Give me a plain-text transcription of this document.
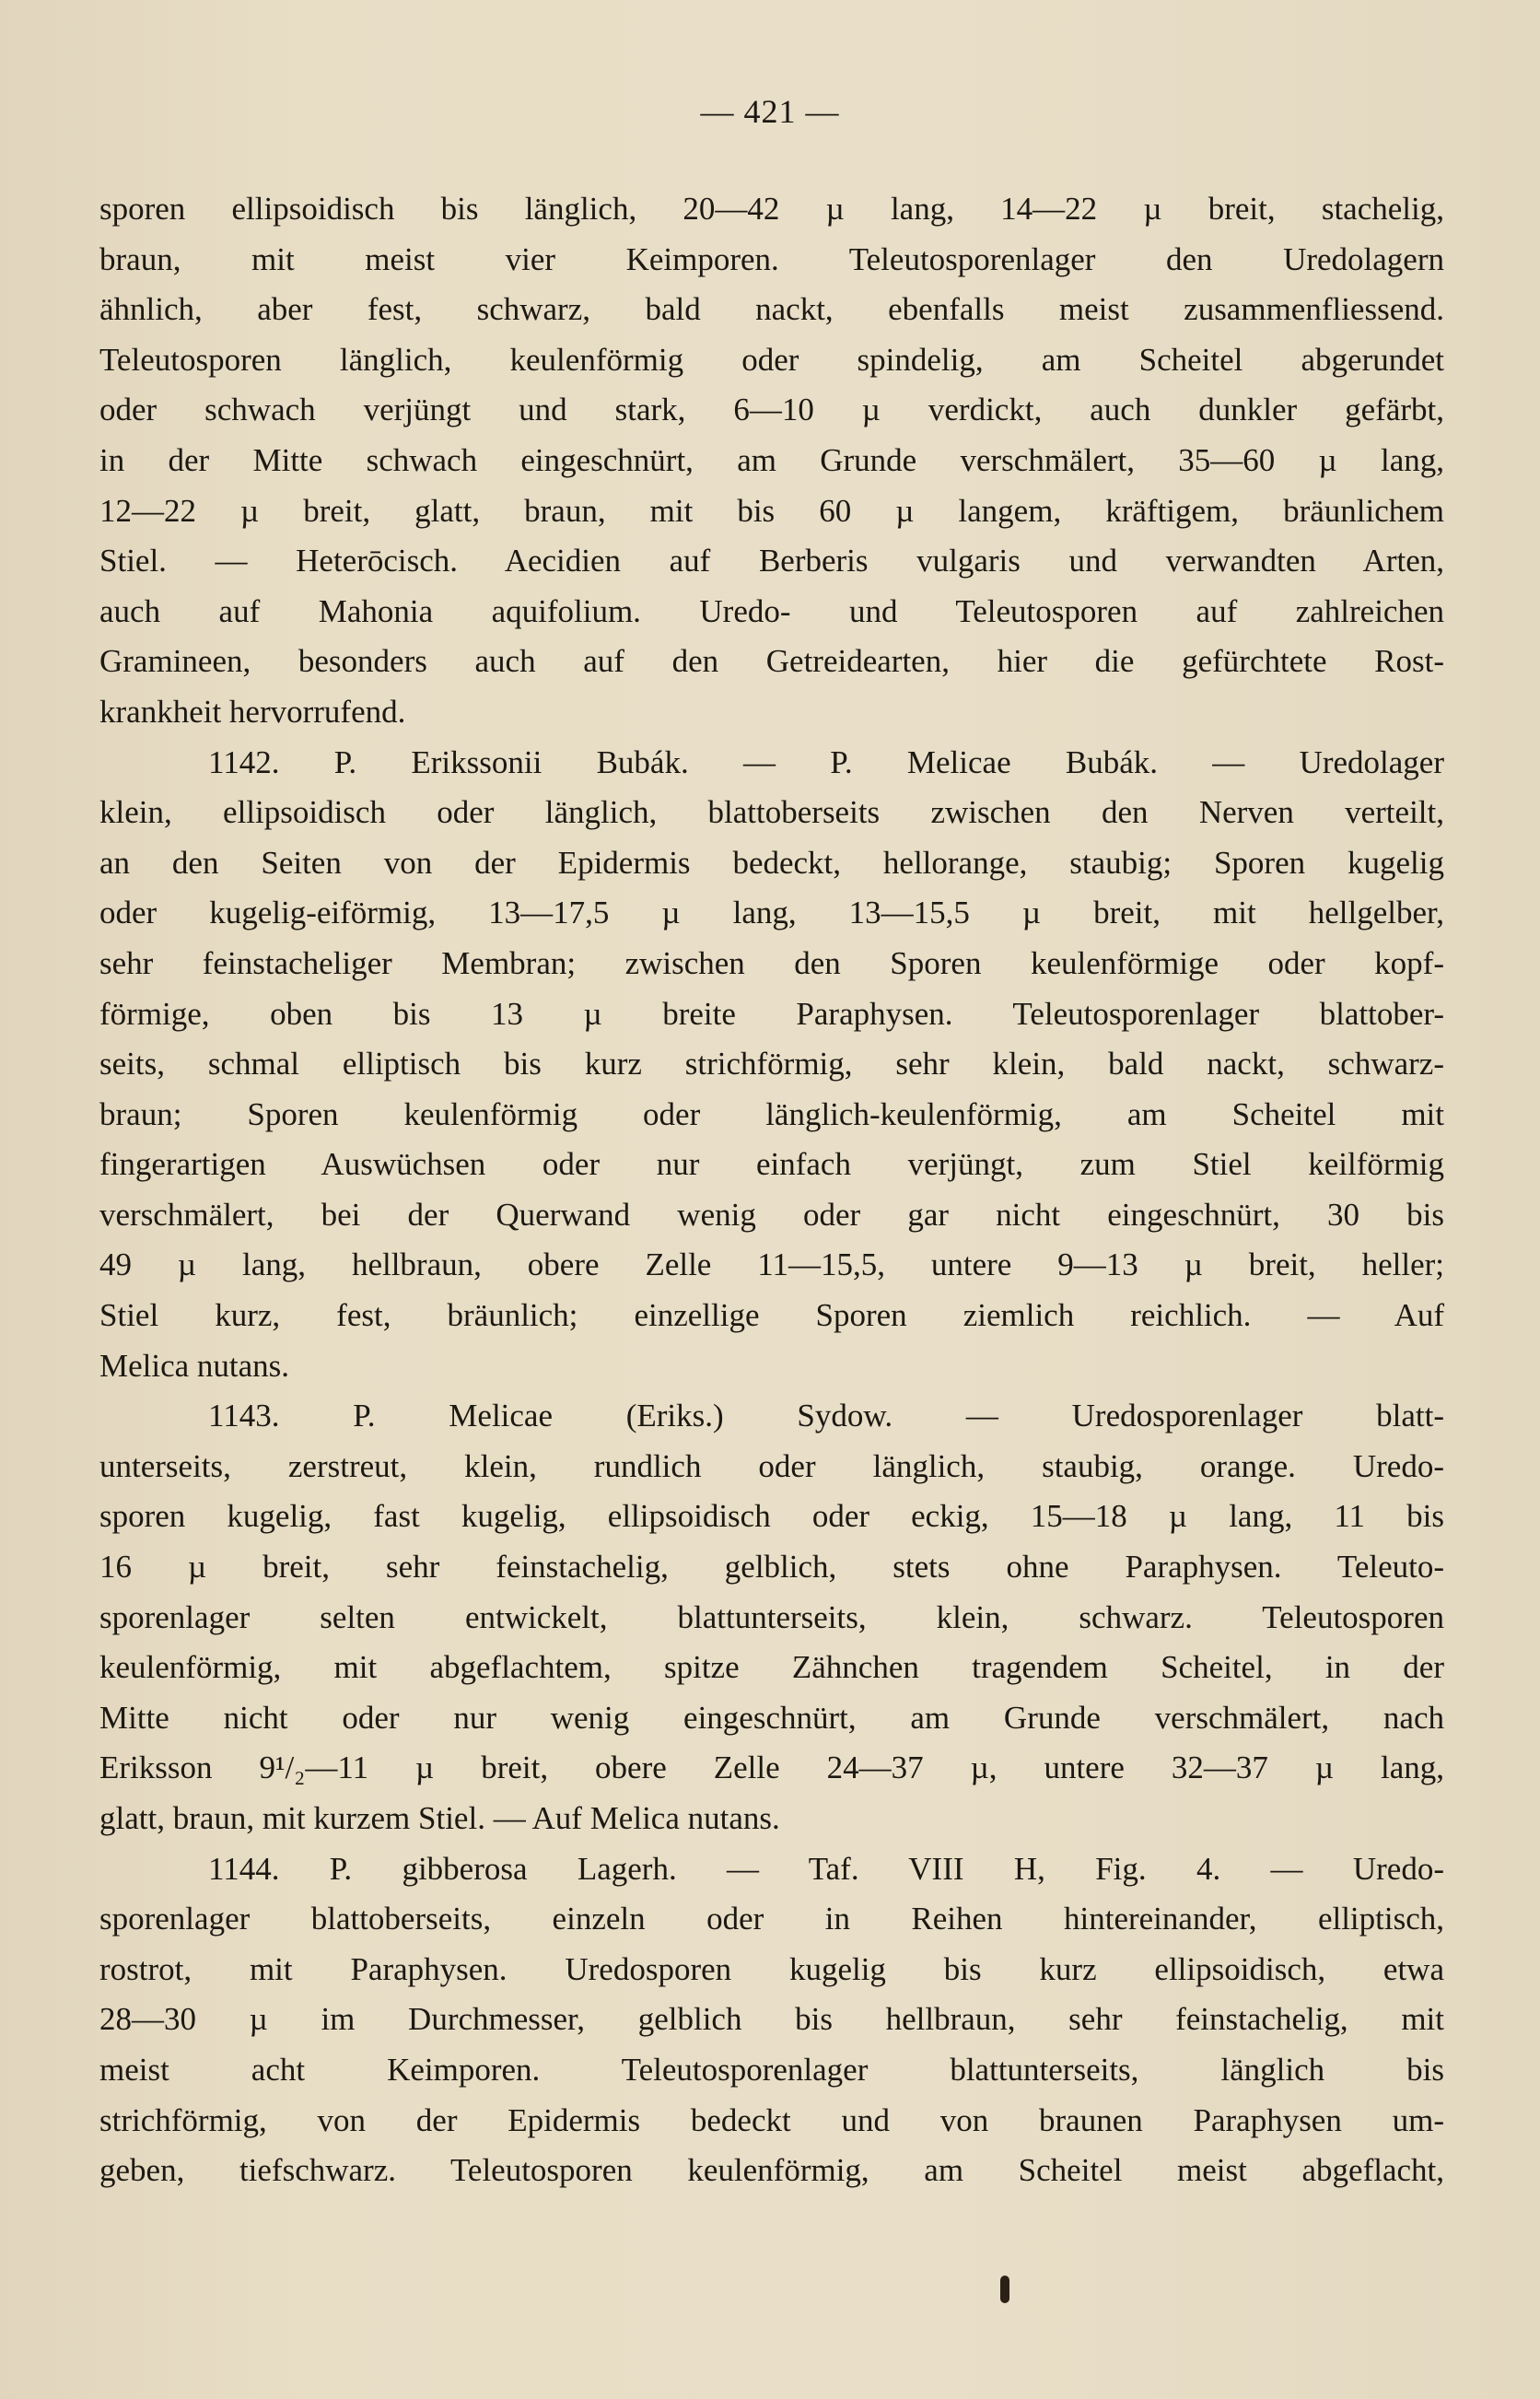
— 421 —
sporen ellipsoidisch bis länglich, 20—42 µ lang, 14—22 µ breit, stachelig,
braun, mit meist vier Keimporen. Teleutosporenlager den Uredolagern
ähnlich, aber fest, schwarz, bald nackt, ebenfalls meist zusammenfliessend.
Teleutosporen länglich, keulenförmig oder spindelig, am Scheitel abgerundet
oder schwach verjüngt und stark, 6—10 µ verdickt, auch dunkler gefärbt,
in der Mitte schwach eingeschnürt, am Grunde verschmälert, 35—60 µ lang,
12—22 µ breit, glatt, braun, mit bis 60 µ langem, kräftigem, bräunlichem
Stiel. — Heterōcisch. Aecidien auf Berberis vulgaris und verwandten Arten,
auch auf Mahonia aquifolium. Uredo- und Teleutosporen auf zahlreichen
Gramineen, besonders auch auf den Getreidearten, hier die gefürchtete Rost-
krankheit hervorrufend.
1142. P. Erikssonii Bubák. — P. Melicae Bubák. — Uredolager
klein, ellipsoidisch oder länglich, blattoberseits zwischen den Nerven verteilt,
an den Seiten von der Epidermis bedeckt, hellorange, staubig; Sporen kugelig
oder kugelig-eiförmig, 13—17,5 µ lang, 13—15,5 µ breit, mit hellgelber,
sehr feinstacheliger Membran; zwischen den Sporen keulenförmige oder kopf-
förmige, oben bis 13 µ breite Paraphysen. Teleutosporenlager blattober-
seits, schmal elliptisch bis kurz strichförmig, sehr klein, bald nackt, schwarz-
braun; Sporen keulenförmig oder länglich-keulenförmig, am Scheitel mit
fingerartigen Auswüchsen oder nur einfach verjüngt, zum Stiel keilförmig
verschmälert, bei der Querwand wenig oder gar nicht eingeschnürt, 30 bis
49 µ lang, hellbraun, obere Zelle 11—15,5, untere 9—13 µ breit, heller;
Stiel kurz, fest, bräunlich; einzellige Sporen ziemlich reichlich. — Auf
Melica nutans.
1143. P. Melicae (Eriks.) Sydow. — Uredosporenlager blatt-
unterseits, zerstreut, klein, rundlich oder länglich, staubig, orange. Uredo-
sporen kugelig, fast kugelig, ellipsoidisch oder eckig, 15—18 µ lang, 11 bis
16 µ breit, sehr feinstachelig, gelblich, stets ohne Paraphysen. Teleuto-
sporenlager selten entwickelt, blattunterseits, klein, schwarz. Teleutosporen
keulenförmig, mit abgeflachtem, spitze Zähnchen tragendem Scheitel, in der
Mitte nicht oder nur wenig eingeschnürt, am Grunde verschmälert, nach
Eriksson 9¹/₂—11 µ breit, obere Zelle 24—37 µ, untere 32—37 µ lang,
glatt, braun, mit kurzem Stiel. — Auf Melica nutans.
1144. P. gibberosa Lagerh. — Taf. VIII H, Fig. 4. — Uredo-
sporenlager blattoberseits, einzeln oder in Reihen hintereinander, elliptisch,
rostrot, mit Paraphysen. Uredosporen kugelig bis kurz ellipsoidisch, etwa
28—30 µ im Durchmesser, gelblich bis hellbraun, sehr feinstachelig, mit
meist acht Keimporen. Teleutosporenlager blattunterseits, länglich bis
strichförmig, von der Epidermis bedeckt und von braunen Paraphysen um-
geben, tiefschwarz. Teleutosporen keulenförmig, am Scheitel meist abgeflacht,
